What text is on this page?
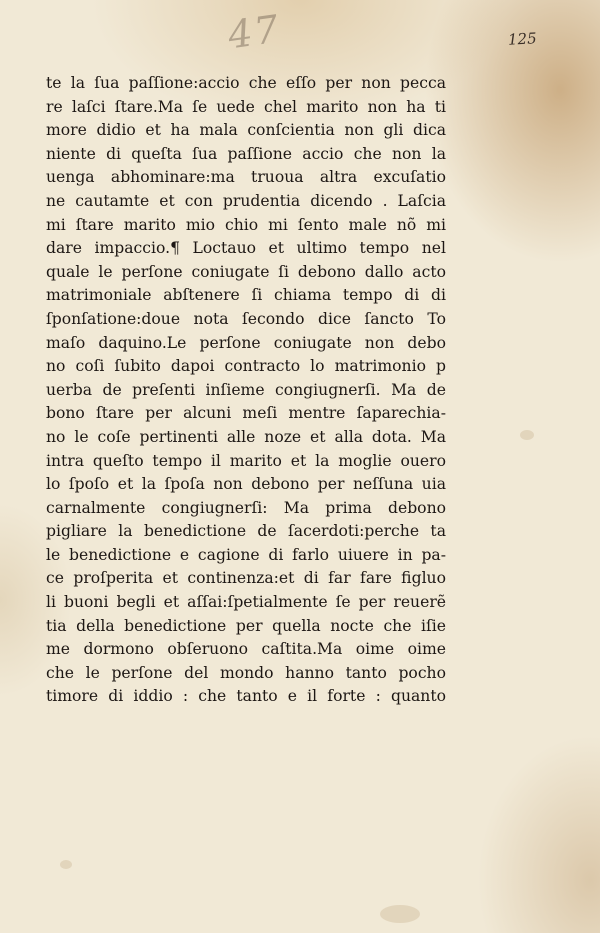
47	125
te la ſua paſſione:accio che eſſo per non pecca
re laſci ſtare.Ma ſe uede chel marito non ha ti
more didio et ha mala conſcientia non gli dica
niente di queſta ſua paſſione accio che non la
uenga abhominare:ma truoua altra excuſatio
ne cautamte et con prudentia dicendo . Laſcia
mi ſtare marito mio chio mi ſento male nõ mi
dare impaccio.¶ Loctauo et ultimo tempo nel
quale le perſone coniugate ſi debono dallo acto
matrimoniale abſtenere ſi chiama tempo di di
ſponſatione:doue nota ſecondo dice ſancto To
maſo daquino.Le perſone coniugate non debo
no coſi ſubito dapoi contracto lo matrimonio p
uerba de preſenti inſieme congiugnerſi. Ma de
bono ſtare per alcuni meſi mentre ſaparechia-
no le coſe pertinenti alle noze et alla dota. Ma
intra queſto tempo il marito et la moglie ouero
lo ſpoſo et la ſpoſa non debono per neſſuna uia
carnalmente congiugnerſi: Ma prima debono
pigliare la benedictione de ſacerdoti:perche ta
le benedictione e cagione di farlo uiuere in pa-
ce proſperita et continenza:et di far fare figluo
li buoni begli et aſſai:ſpetialmente ſe per reuerẽ
tia della benedictione per quella nocte che iſie
me dormono obſeruono caſtita.Ma oime oime
che le perſone del mondo hanno tanto pocho
timore di iddio : che tanto e il forte : quanto
